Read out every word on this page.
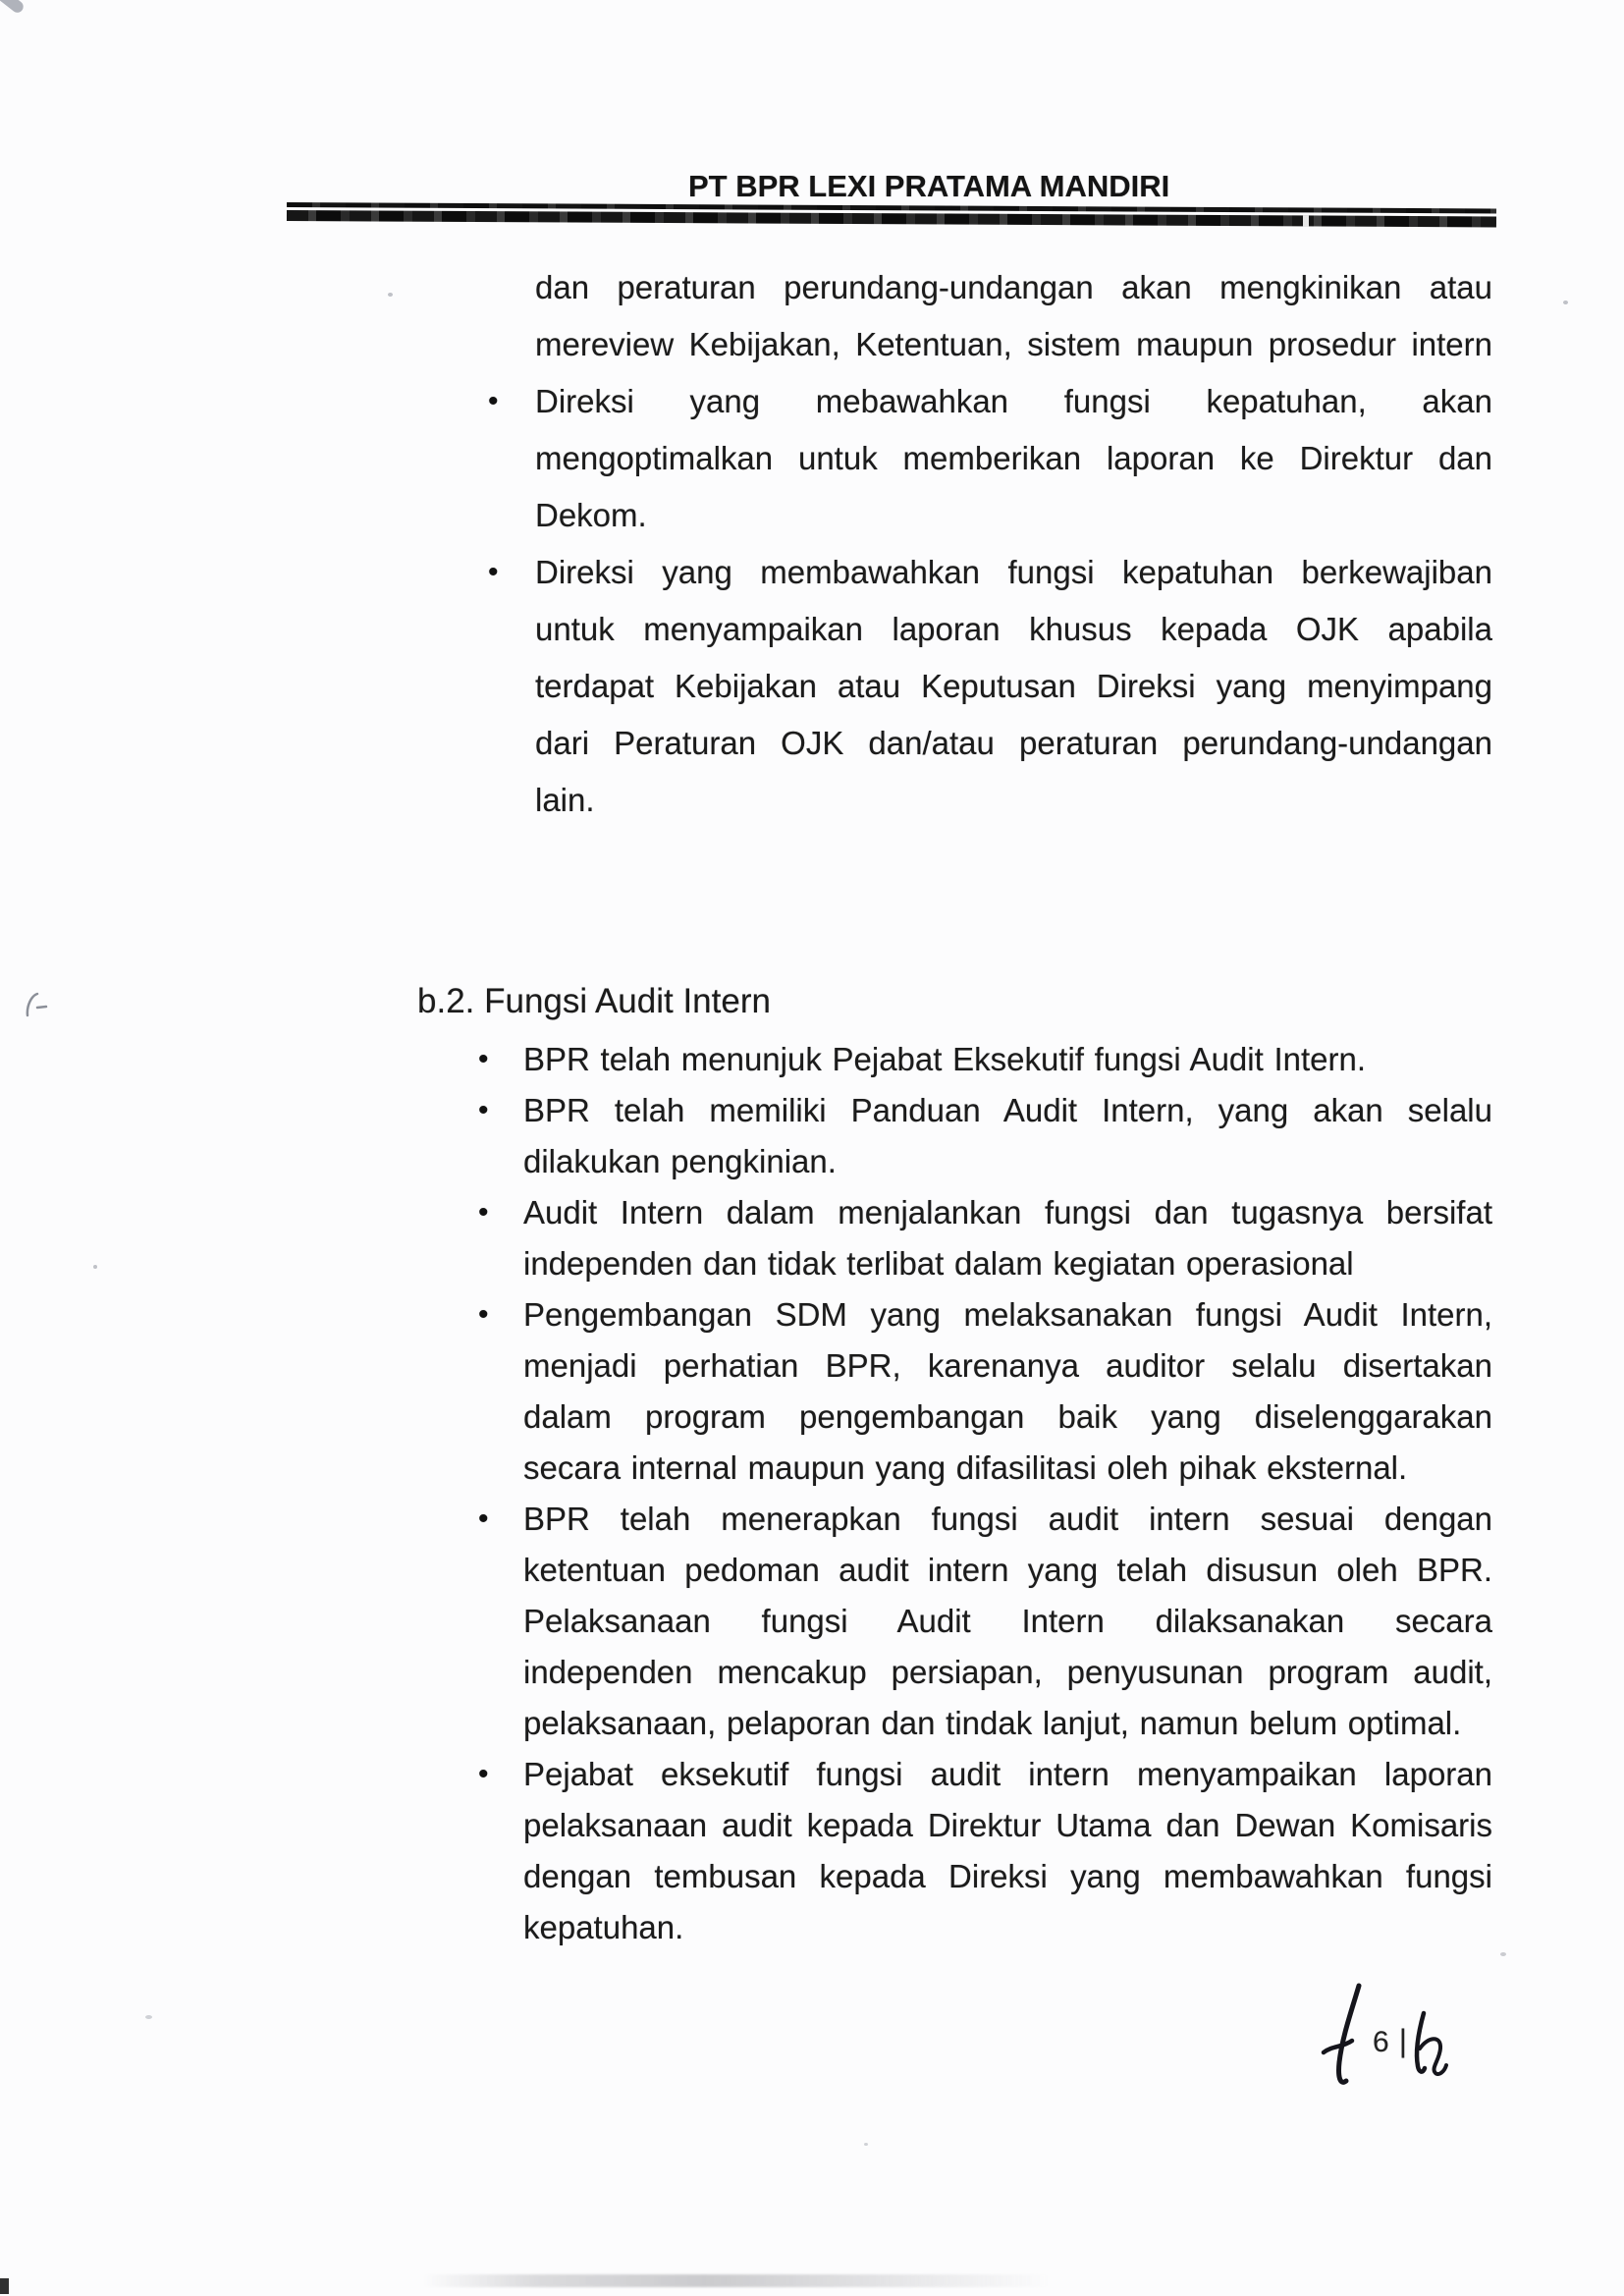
PT BPR LEXI PRATAMA MANDIRI
dan peraturan perundang-undangan akan mengkinikan atau
mereview Kebijakan, Ketentuan, sistem maupun prosedur intern
Direksi yang mebawahkan fungsi kepatuhan, akan
•
mengoptimalkan untuk memberikan laporan ke Direktur dan
Dekom.
Direksi yang membawahkan fungsi kepatuhan berkewajiban
•
untuk menyampaikan laporan khusus kepada OJK apabila
terdapat Kebijakan atau Keputusan Direksi yang menyimpang
dari Peraturan OJK dan/atau peraturan perundang-undangan
lain.
b.2. Fungsi Audit Intern
BPR telah menunjuk Pejabat Eksekutif fungsi Audit Intern.
•
BPR telah memiliki Panduan Audit Intern, yang akan selalu
•
dilakukan pengkinian.
Audit Intern dalam menjalankan fungsi dan tugasnya bersifat
•
independen dan tidak terlibat dalam kegiatan operasional
Pengembangan SDM yang melaksanakan fungsi Audit Intern,
•
menjadi perhatian BPR, karenanya auditor selalu disertakan
dalam program pengembangan baik yang diselenggarakan
secara internal maupun yang difasilitasi oleh pihak eksternal.
BPR telah menerapkan fungsi audit intern sesuai dengan
•
ketentuan pedoman audit intern yang telah disusun oleh BPR.
Pelaksanaan fungsi Audit Intern dilaksanakan secara
independen mencakup persiapan, penyusunan program audit,
pelaksanaan, pelaporan dan tindak lanjut, namun belum optimal.
Pejabat eksekutif fungsi audit intern menyampaikan laporan
•
pelaksanaan audit kepada Direktur Utama dan Dewan Komisaris
dengan tembusan kepada Direksi yang membawahkan fungsi
kepatuhan.
6 |
